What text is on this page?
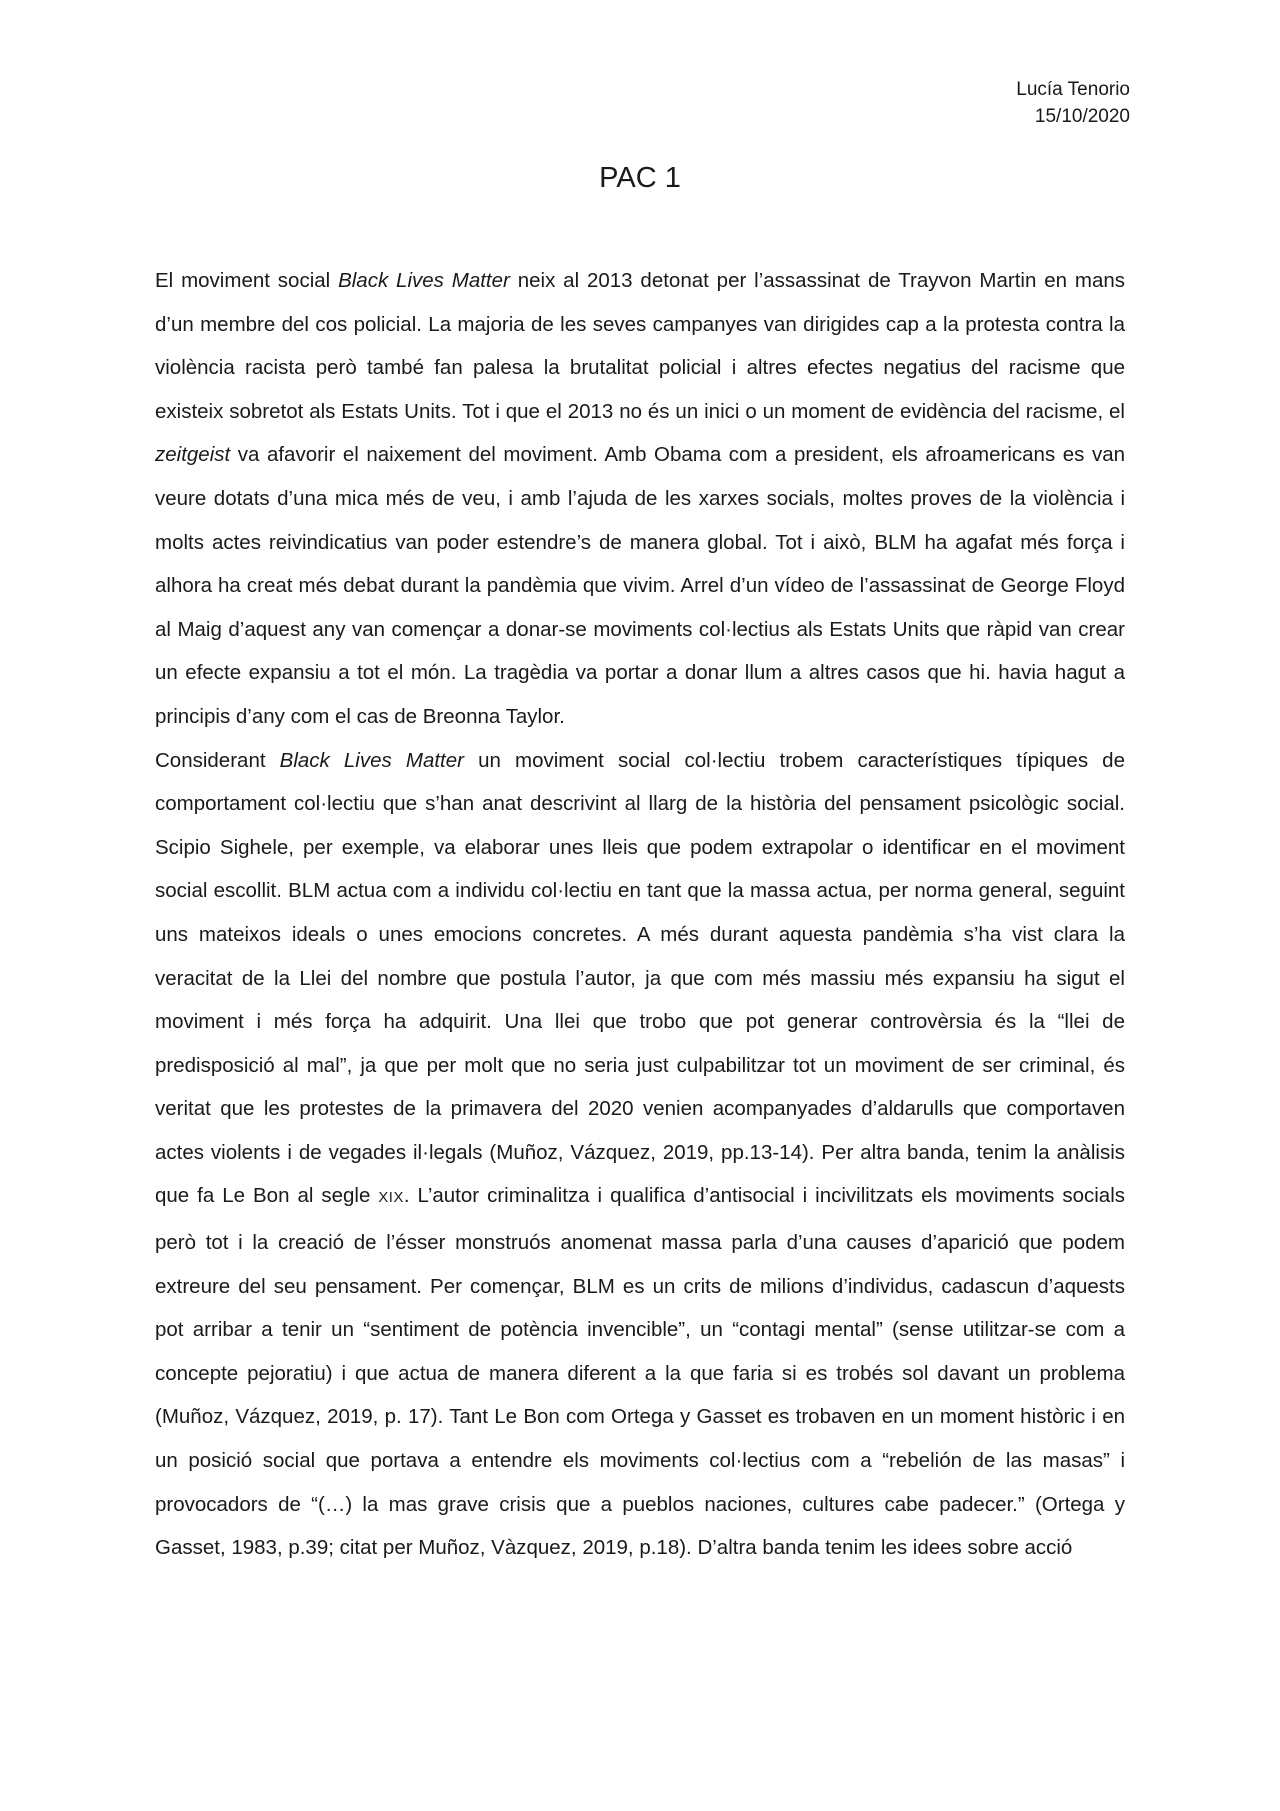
Lucía Tenorio
15/10/2020
PAC 1

El moviment social Black Lives Matter neix al 2013 detonat per l’assassinat de Trayvon Martin en mans d’un membre del cos policial. La majoria de les seves campanyes van dirigides cap a la protesta contra la violència racista però també fan palesa la brutalitat policial i altres efectes negatius del racisme que existeix sobretot als Estats Units. Tot i que el 2013 no és un inici o un moment de evidència del racisme, el zeitgeist va afavorir el naixement del moviment. Amb Obama com a president, els afroamericans es van veure dotats d’una mica més de veu, i amb l’ajuda de les xarxes socials, moltes proves de la violència i molts actes reivindicatius van poder estendre’s de manera global. Tot i això, BLM ha agafat més força i alhora ha creat més debat durant la pandèmia que vivim. Arrel d’un vídeo de l’assassinat de George Floyd al Maig d’aquest any van començar a donar-se moviments col·lectius als Estats Units que ràpid van crear un efecte expansiu a tot el món. La tragèdia va portar a donar llum a altres casos que hi. havia hagut a principis d’any com el cas de Breonna Taylor.

Considerant Black Lives Matter un moviment social col·lectiu trobem característiques típiques de comportament col·lectiu que s’han anat descrivint al llarg de la història del pensament psicològic social. Scipio Sighele, per exemple, va elaborar unes lleis que podem extrapolar o identificar en el moviment social escollit. BLM actua com a individu col·lectiu en tant que la massa actua, per norma general, seguint uns mateixos ideals o unes emocions concretes. A més durant aquesta pandèmia s’ha vist clara la veracitat de la Llei del nombre que postula l’autor, ja que com més massiu més expansiu ha sigut el moviment i més força ha adquirit. Una llei que trobo que pot generar controvèrsia és la “llei de predisposició al mal”, ja que per molt que no seria just culpabilitzar tot un moviment de ser criminal, és veritat que les protestes de la primavera del 2020 venien acompanyades d’aldarulls que comportaven actes violents i de vegades il·legals (Muñoz, Vázquez, 2019, pp.13-14). Per altra banda, tenim la anàlisis que fa Le Bon al segle XIX. L’autor criminalitza i qualifica d’antisocial i incivilitzats els moviments socials però tot i la creació de l’ésser monstruós anomenat massa parla d’una causes d’aparició que podem extreure del seu pensament. Per començar, BLM es un crits de milions d’individus, cadascun d’aquests pot arribar a tenir un “sentiment de potència invencible”, un “contagi mental” (sense utilitzar-se com a concepte pejoratiu) i que actua de manera diferent a la que faria si es trobés sol davant un problema (Muñoz, Vázquez, 2019, p. 17). Tant Le Bon com Ortega y Gasset es trobaven en un moment històric i en un posició social que portava a entendre els moviments col·lectius com a “rebelión de las masas” i provocadors de “(…) la mas grave crisis que a pueblos naciones, cultures cabe padecer.” (Ortega y Gasset, 1983, p.39; citat per Muñoz, Vàzquez, 2019, p.18). D’altra banda tenim les idees sobre acció
